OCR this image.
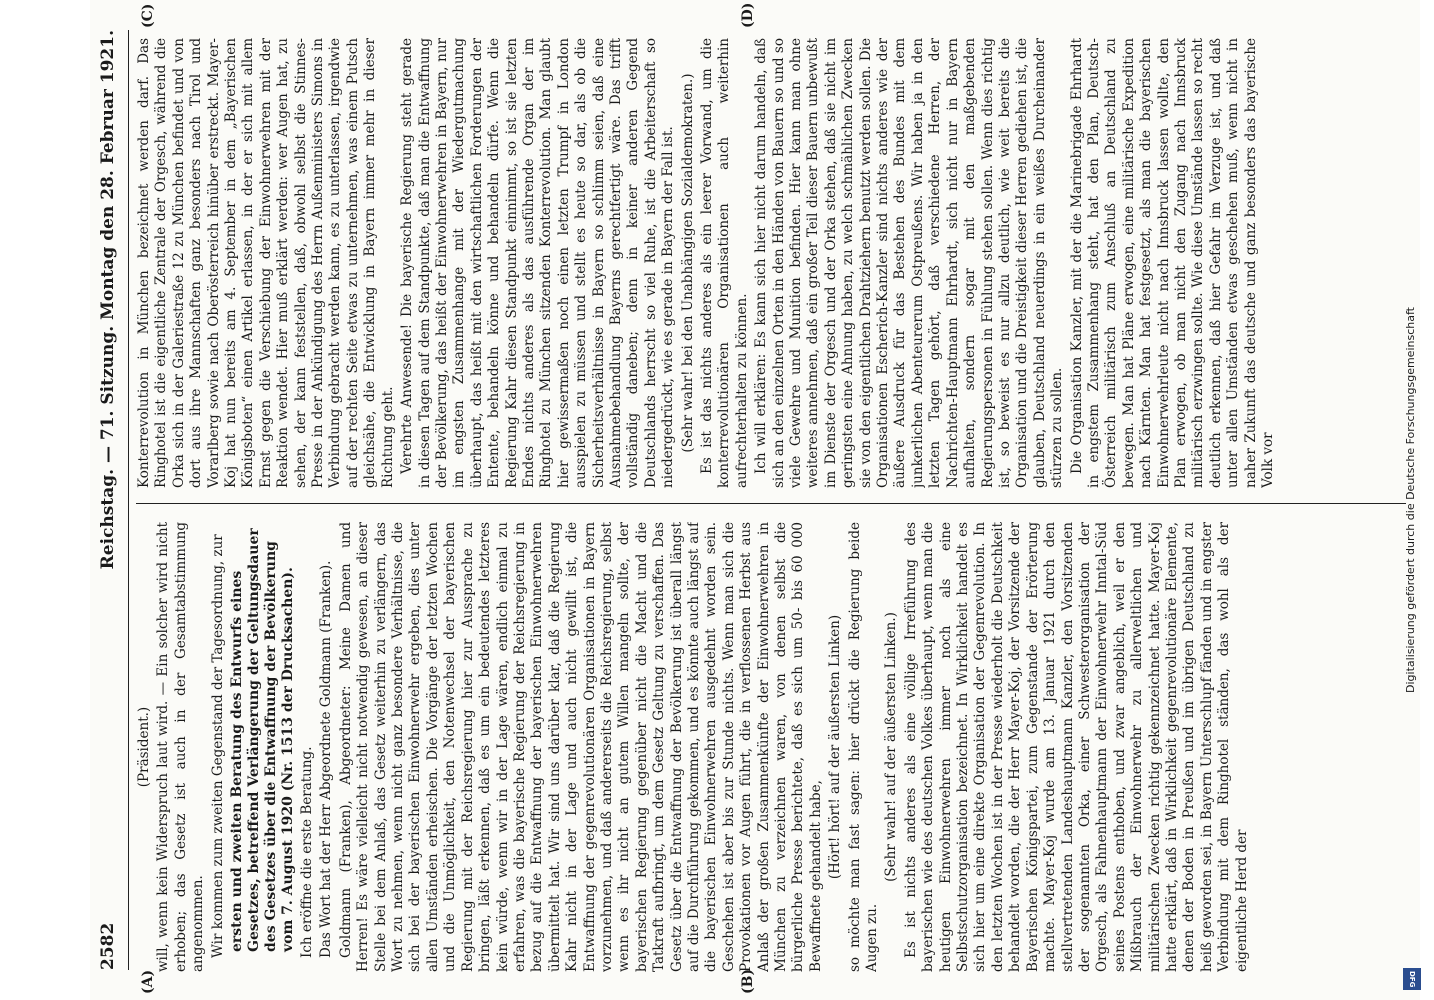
2582
Reichstag. — 71. Sitzung. Montag den 28. Februar 1921.
(A)	(B)
(C)	(D)

(Präsident.) will, wenn kein Widerspruch laut wird. — Ein solcher wird nicht erhoben; das Gesetz ist auch in der Gesamtabstimmung angenommen. Wir kommen zum zweiten Gegenstand der Tagesordnung, zur ersten und zweiten Beratung des Entwurfs eines Gesetzes, betreffend Verlängerung der Geltungsdauer des Gesetzes über die Entwaffnung der Bevölkerung vom 7. August 1920 (Nr. 1513 der Drucksachen). Ich eröffne die erste Beratung. Das Wort hat der Herr Abgeordnete Goldmann (Franken). Goldmann (Franken), Abgeordneter: Meine Damen und Herren! Es wäre vielleicht nicht notwendig gewesen, an dieser Stelle bei dem Anlaß, das Gesetz weiterhin zu verlängern, das Wort zu nehmen, wenn nicht ganz besondere Verhältnisse, die sich bei der bayerischen Einwohnerwehr ergeben, dies unter allen Umständen erheischen. Die Vorgänge der letzten Wochen und die Unmöglichkeit, den Notenwechsel der bayerischen Regierung mit der Reichsregierung hier zur Aussprache zu bringen, läßt erkennen, daß es um ein bedeutendes letzteres kein würde, wenn wir in der Lage wären, endlich einmal zu erfahren, was die bayerische Regierung der Reichsregierung in bezug auf die Entwaffnung der bayerischen Einwohnerwehren übermittelt hat. Wir sind uns darüber klar, daß die Regierung Kahr nicht in der Lage und auch nicht gewillt ist, die Entwaffnung der gegenrevolutionären Organisationen in Bayern vorzunehmen, und daß andererseits die Reichsregierung, selbst wenn es ihr nicht an gutem Willen mangeln sollte, der bayerischen Regierung gegenüber nicht die Macht und die Tatkraft aufbringt, um dem Gesetz Geltung zu verschaffen. Das Gesetz über die Entwaffnung der Bevölkerung ist überall längst auf die Durchführung gekommen, und es könnte auch längst auf die bayerischen Einwohnerwehren ausgedehnt worden sein. Geschehen ist aber bis zur Stunde nichts. Wenn man sich die Provokationen vor Augen führt, die in verflossenen Herbst aus Anlaß der großen Zusammenkünfte der Einwohnerwehren in München zu verzeichnen waren, von denen selbst die bürgerliche Presse berichtete, daß es sich um 50- bis 60 000 Bewaffnete gehandelt habe, (Hört! hört! auf der äußersten Linken) so möchte man fast sagen: hier drückt die Regierung beide Augen zu.

(Sehr wahr! auf der äußersten Linken.) Es ist nichts anderes als eine völlige Irreführung des bayerischen wie des deutschen Volkes überhaupt, wenn man die heutigen Einwohnerwehren immer noch als eine Selbstschutzorganisation bezeichnet. In Wirklichkeit handelt es sich hier um eine direkte Organisation der Gegenrevolution. In den letzten Wochen ist in der Presse wiederholt die Deutschkeit behandelt worden, die der Herr Mayer-Koj, der Vorsitzende der Bayerischen Königspartei, zum Gegenstande der Erörterung machte. Mayer-Koj wurde am 13. Januar 1921 durch den stellvertretenden Landeshauptmann Kanzler, den Vorsitzenden der sogenannten Orka, einer Schwesterorganisation der Orgesch, als Fahnenhauptmann der Einwohnerwehr Inntal-Süd seines Postens enthoben, und zwar angeblich, weil er den Mißbrauch der Einwohnerwehr zu allerweltlichen und militärischen Zwecken richtig gekennzeichnet hatte. Mayer-Koj hatte erklärt, daß in Wirklichkeit gegenrevolutionäre Elemente, denen der Boden in Preußen und im übrigen Deutschland zu heiß geworden sei, in Bayern Unterschlupf fänden und in engster Verbindung mit dem Ringhotel ständen, das wohl als der eigentliche Herd der

Konterrevolution in München bezeichnet werden darf. Das Ringhotel ist die eigentliche Zentrale der Orgesch, während die Orka sich in der Galeriestraße 12 zu München befindet und von dort aus ihre Mannschaften ganz besonders nach Tirol und Vorarlberg sowie nach Oberösterreich hinüber erstreckt. Mayer-Koj hat nun bereits am 4. September in dem „Bayerischen Königsboten“ einen Artikel erlassen, in der er sich mit allem Ernst gegen die Verschiebung der Einwohnerwehren mit der Reaktion wendet. Hier muß erklärt werden: wer Augen hat, zu sehen, der kann feststellen, daß, obwohl selbst die Stinnes-Presse in der Ankündigung des Herrn Außenministers Simons in Verbindung gebracht werden kann, es zu unterlassen, irgendwie auf der rechten Seite etwas zu unternehmen, was einem Putsch gleichsähe, die Entwicklung in Bayern immer mehr in dieser Richtung geht. Verehrte Anwesende! Die bayerische Regierung steht gerade in diesen Tagen auf dem Standpunkte, daß man die Entwaffnung der Bevölkerung, das heißt der Einwohnerwehren in Bayern, nur im engsten Zusammenhange mit der Wiedergutmachung überhaupt, das heißt mit den wirtschaftlichen Forderungen der Entente, behandeln könne und behandeln dürfe. Wenn die Regierung Kahr diesen Standpunkt einnimmt, so ist sie letzten Endes nichts anderes als das ausführende Organ der im Ringhotel zu München sitzenden Konterrevolution. Man glaubt hier gewissermaßen noch einen letzten Trumpf in London ausspielen zu müssen und stellt es heute so dar, als ob die Sicherheitsverhältnisse in Bayern so schlimm seien, daß eine Ausnahmebehandlung Bayerns gerechtfertigt wäre. Das trifft vollständig daneben; denn in keiner anderen Gegend Deutschlands herrscht so viel Ruhe, ist die Arbeiterschaft so niedergedrückt, wie es gerade in Bayern der Fall ist. (Sehr wahr! bei den Unabhängigen Sozialdemokraten.) Es ist das nichts anderes als ein leerer Vorwand, um die konterrevolutionären Organisationen auch weiterhin aufrechterhalten zu können. Ich will erklären: Es kann sich hier nicht darum handeln, daß sich an den einzelnen Orten in den Händen von Bauern so und so viele Gewehre und Munition befinden. Hier kann man ohne weiteres annehmen, daß ein großer Teil dieser Bauern unbewußt im Dienste der Orgesch und der Orka stehen, daß sie nicht im geringsten eine Ahnung haben, zu welch schmählichen Zwecken sie von den eigentlichen Drahtziehern benutzt werden sollen. Die Organisationen Escherich-Kanzler sind nichts anderes wie der äußere Ausdruck für das Bestehen des Bundes mit dem junkerlichen Abenteurerum Ostpreußens. Wir haben ja in den letzten Tagen gehört, daß verschiedene Herren, der Nachrichten-Hauptmann Ehrhardt, sich nicht nur in Bayern aufhalten, sondern sogar mit den maßgebenden Regierungspersonen in Fühlung stehen sollen. Wenn dies richtig ist, so beweist es nur allzu deutlich, wie weit bereits die Organisation und die Dreistigkeit dieser Herren gediehen ist, die glauben, Deutschland neuerdings in ein weißes Durcheinander stürzen zu sollen. Die Organisation Kanzler, mit der die Marinebrigade Ehrhardt in engstem Zusammenhang steht, hat den Plan, Deutsch-Österreich militärisch zum Anschluß an Deutschland zu bewegen. Man hat Pläne erwogen, eine militärische Expedition nach Kärnten. Man hat festgesetzt, als man die bayerischen Einwohnerwehrleute nicht nach Innsbruck lassen wollte, den Plan erwogen, ob man nicht den Zugang nach Innsbruck militärisch erzwingen sollte. Wie diese Umstände lassen so recht deutlich erkennen, daß hier Gefahr im Verzuge ist, und daß unter allen Umständen etwas geschehen muß, wenn nicht in naher Zukunft das deutsche und ganz besonders das bayerische Volk vor	Digitalisierung gefördert durch die Deutsche Forschungsgemeinschaft
DFG
